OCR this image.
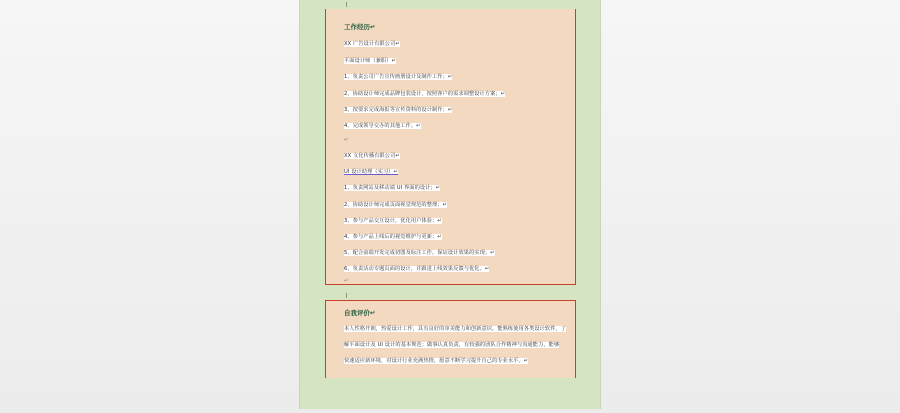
工作经历↵
XX 广告设计有限公司↵
平面设计师（兼职）↵
1、负责公司广告宣传画册设计及制作工作；↵
2、协助设计师完成品牌包装设计，按照客户的需求调整设计方案；↵
3、按要求完成海报等宣传资料的设计制作；↵
4、完成领导交办的其他工作。↵
↵
XX 文化传播有限公司↵
UI 设计助理（实习）↵
1、负责网站及移动端 UI 界面的设计；↵
2、协助设计师完成页面视觉规范的整理；↵
3、参与产品交互设计，优化用户体验；↵
4、参与产品上线后的视觉维护与更新；↵
5、配合前端开发完成切图及标注工作，保证设计效果的实现；↵
6、负责活动专题页面的设计，并跟进上线效果反馈与优化。↵
↵
自我评价↵
本人性格开朗，热爱设计工作，具有良好的审美能力和创新意识，能熟练使用各类设计软件，了
解平面设计及 UI 设计的基本规范；做事认真负责，有较强的团队合作精神与沟通能力，能够
快速适应新环境，对设计行业充满热情，愿意不断学习提升自己的专业水平。↵
